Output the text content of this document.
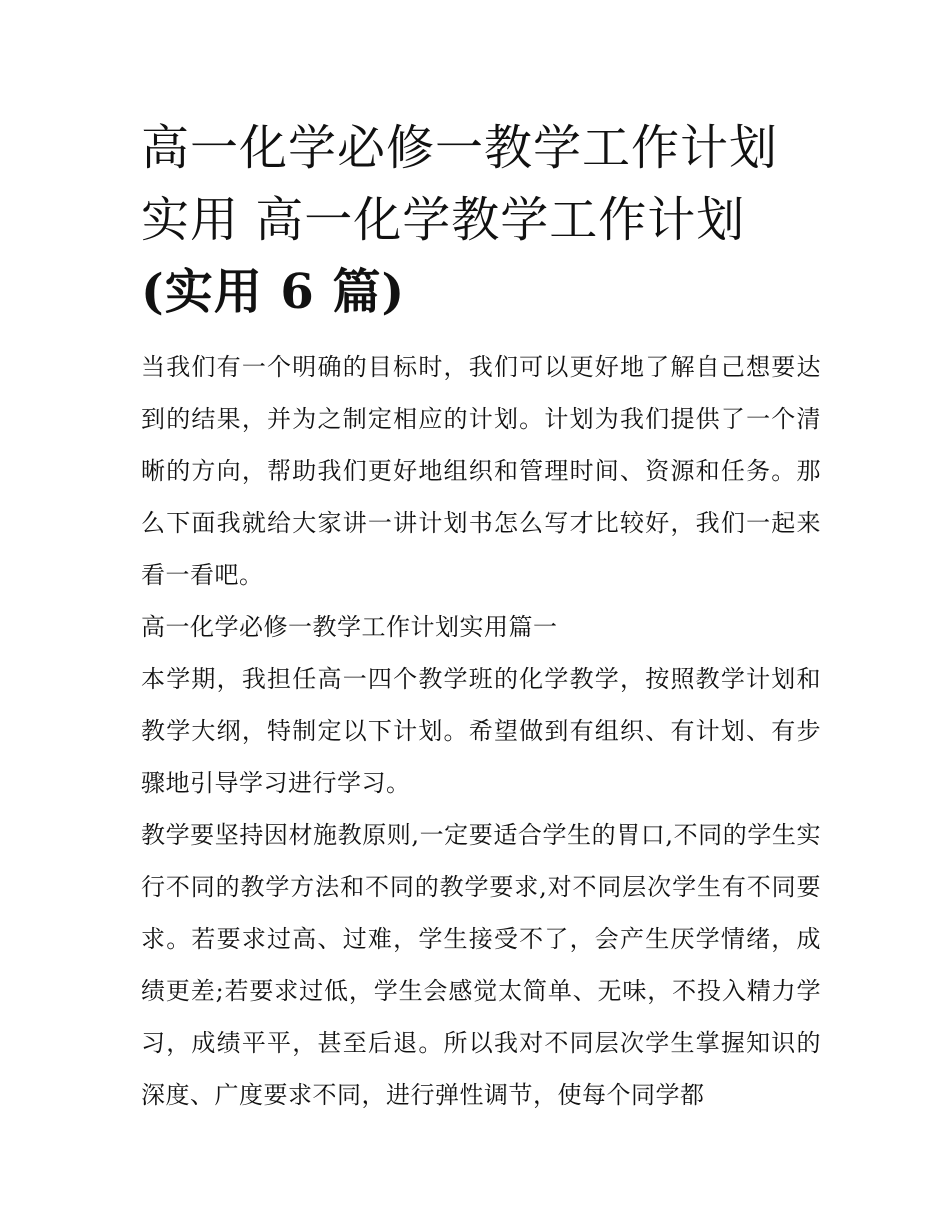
高一化学必修一教学工作计划
实用 高一化学教学工作计划
(实用 6 篇)

当我们有一个明确的目标时，我们可以更好地了解自己想要达到的结果，并为之制定相应的计划。计划为我们提供了一个清晰的方向，帮助我们更好地组织和管理时间、资源和任务。那么下面我就给大家讲一讲计划书怎么写才比较好，我们一起来看一看吧。

高一化学必修一教学工作计划实用篇一

本学期，我担任高一四个教学班的化学教学，按照教学计划和教学大纲，特制定以下计划。希望做到有组织、有计划、有步骤地引导学习进行学习。

教学要坚持因材施教原则,一定要适合学生的胃口,不同的学生实行不同的教学方法和不同的教学要求,对不同层次学生有不同要求。若要求过高、过难，学生接受不了，会产生厌学情绪，成绩更差;若要求过低，学生会感觉太简单、无味，不投入精力学习，成绩平平，甚至后退。所以我对不同层次学生掌握知识的深度、广度要求不同，进行弹性调节，使每个同学都
